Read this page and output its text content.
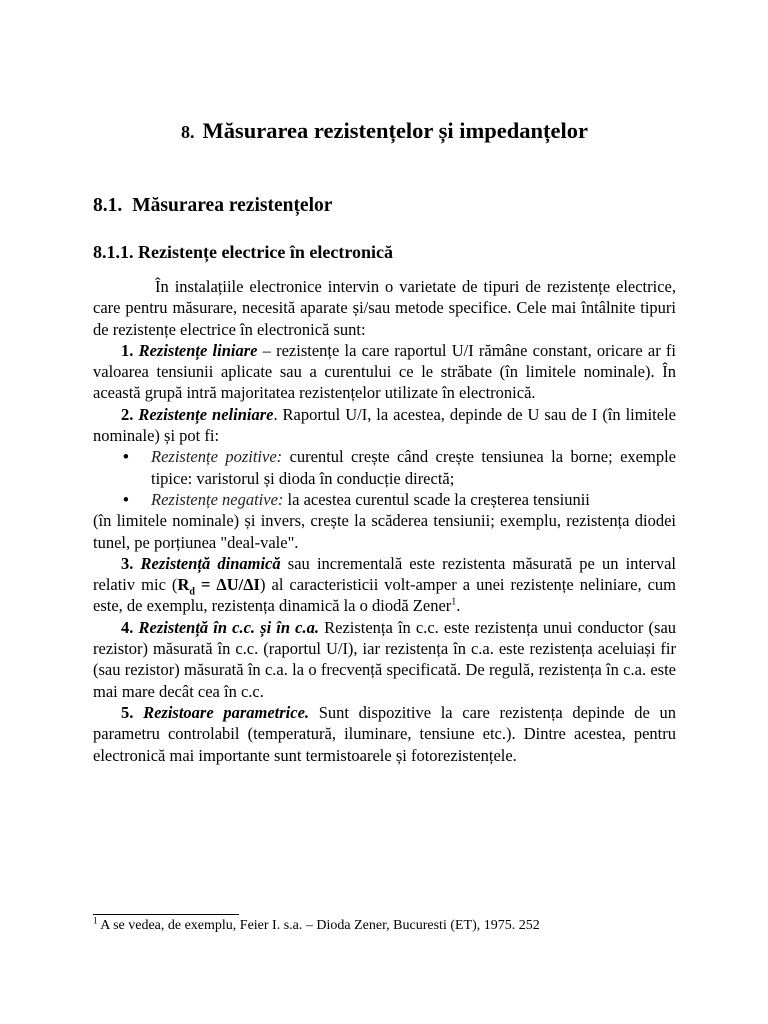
8. Măsurarea rezistențelor și impedanțelor
8.1. Măsurarea rezistențelor
8.1.1. Rezistențe electrice în electronică

În instalațiile electronice intervin o varietate de tipuri de rezistențe electrice, care pentru măsurare, necesită aparate și/sau metode specifice. Cele mai întâlnite tipuri de rezistențe electrice în electronică sunt:

1. Rezistențe liniare – rezistențe la care raportul U/I rămâne constant, oricare ar fi valoarea tensiunii aplicate sau a curentului ce le străbate (în limitele nominale). În această grupă intră majoritatea rezistențelor utilizate în electronică.

2. Rezistențe neliniare. Raportul U/I, la acestea, depinde de U sau de I (în limitele nominale) și pot fi:

• Rezistențe pozitive: curentul crește când crește tensiunea la borne; exemple tipice: varistorul și dioda în conducție directă;

• Rezistențe negative: la acestea curentul scade la creșterea tensiunii

(în limitele nominale) și invers, crește la scăderea tensiunii; exemplu, rezistența diodei tunel, pe porțiunea "deal-vale".

3. Rezistență dinamică sau incrementală este rezistenta măsurată pe un interval relativ mic $(R_d = \Delta U/\Delta I)$ al caracteristicii volt-amper a unei rezistențe neliniare, cum este, de exemplu, rezistența dinamică la o diodă Zener$^1$.

4. Rezistență în c.c. și în c.a. Rezistența în c.c. este rezistența unui conductor (sau rezistor) măsurată în c.c. (raportul U/I), iar rezistența în c.a. este rezistența aceluiași fir (sau rezistor) măsurată în c.a. la o frecvență specificată. De regulă, rezistența în c.a. este mai mare decât cea în c.c.

5. Rezistoare parametrice. Sunt dispozitive la care rezistența depinde de un parametru controlabil (temperatură, iluminare, tensiune etc.). Dintre acestea, pentru electronică mai importante sunt termistoarele și fotorezistențele.

$^1$ A se vedea, de exemplu, Feier I. s.a. – Dioda Zener, Bucuresti (ET), 1975. 252
